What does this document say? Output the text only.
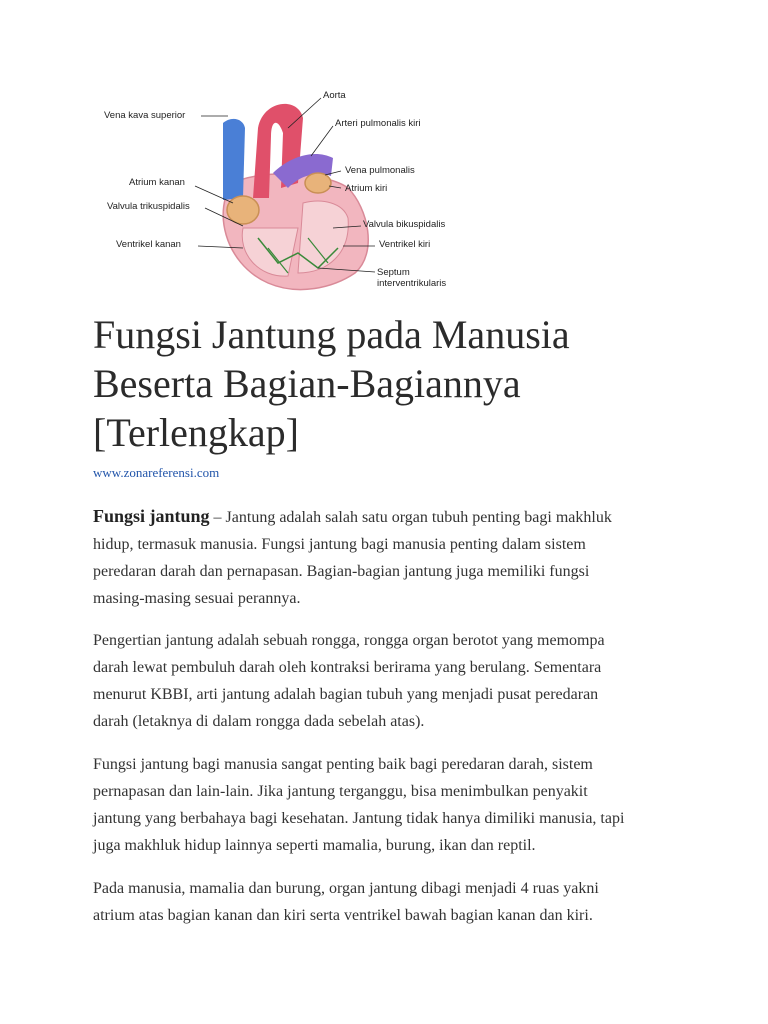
Aorta
Vena kava superior
Arteri pulmonalis kiri
Vena pulmonalis
Atrium kanan
Atrium kiri
Valvula trikuspidalis
Valvula bikuspidalis
Ventrikel kanan	Ventrikel kiri
Septum
interventrikularis
Fungsi Jantung pada Manusia
Beserta Bagian-Bagiannya
[Terlengkap]
www.zonareferensi.com

Fungsi jantung – Jantung adalah salah satu organ tubuh penting bagi makhluk
hidup, termasuk manusia. Fungsi jantung bagi manusia penting dalam sistem
peredaran darah dan pernapasan. Bagian-bagian jantung juga memiliki fungsi
masing-masing sesuai perannya.

Pengertian jantung adalah sebuah rongga, rongga organ berotot yang memompa
darah lewat pembuluh darah oleh kontraksi berirama yang berulang. Sementara
menurut KBBI, arti jantung adalah bagian tubuh yang menjadi pusat peredaran
darah (letaknya di dalam rongga dada sebelah atas).

Fungsi jantung bagi manusia sangat penting baik bagi peredaran darah, sistem
pernapasan dan lain-lain. Jika jantung terganggu, bisa menimbulkan penyakit
jantung yang berbahaya bagi kesehatan. Jantung tidak hanya dimiliki manusia, tapi
juga makhluk hidup lainnya seperti mamalia, burung, ikan dan reptil.

Pada manusia, mamalia dan burung, organ jantung dibagi menjadi 4 ruas yakni
atrium atas bagian kanan dan kiri serta ventrikel bawah bagian kanan dan kiri.
